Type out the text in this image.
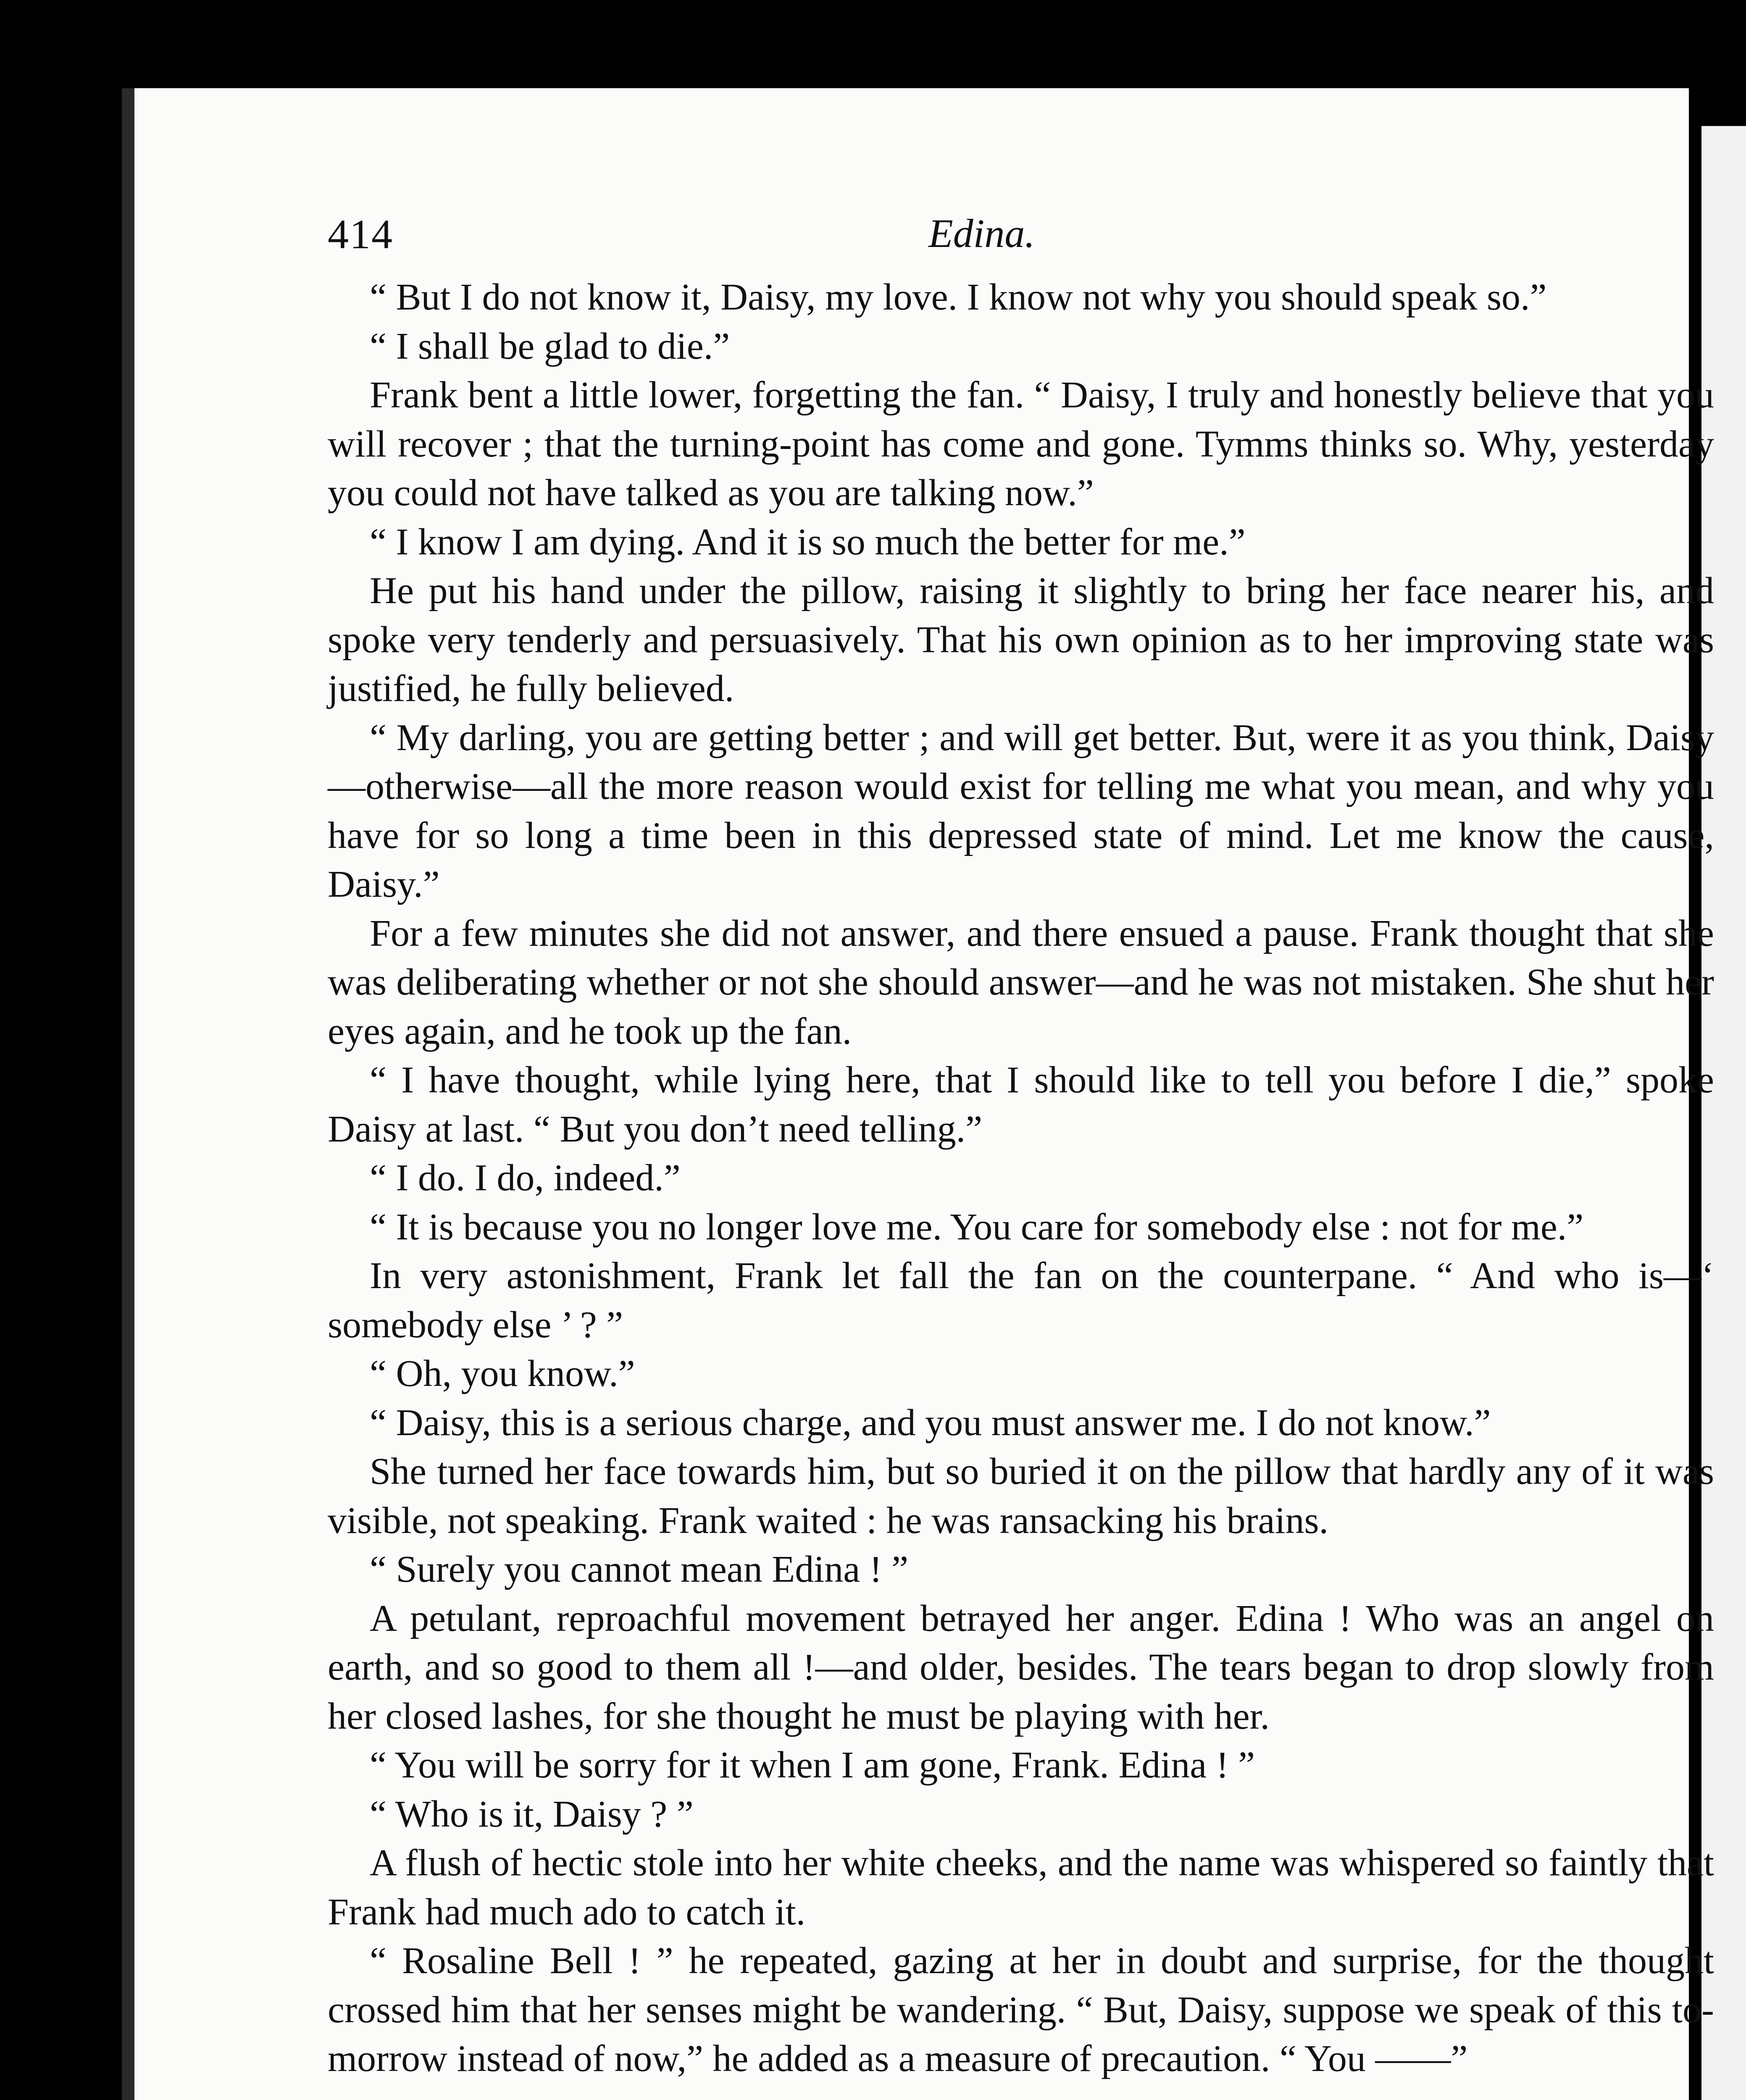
414	Edina.

“ But I do not know it, Daisy, my love. I know not why you should speak so.”

“ I shall be glad to die.”

Frank bent a little lower, forgetting the fan. “ Daisy, I truly and honestly believe that you will recover ; that the turning-point has come and gone. Tymms thinks so. Why, yesterday you could not have talked as you are talking now.”

“ I know I am dying. And it is so much the better for me.”

He put his hand under the pillow, raising it slightly to bring her face nearer his, and spoke very tenderly and persuasively. That his own opinion as to her improving state was justified, he fully believed.

“ My darling, you are getting better ; and will get better. But, were it as you think, Daisy—otherwise—all the more reason would exist for telling me what you mean, and why you have for so long a time been in this depressed state of mind. Let me know the cause, Daisy.”

For a few minutes she did not answer, and there ensued a pause. Frank thought that she was deliberating whether or not she should answer—and he was not mistaken. She shut her eyes again, and he took up the fan.

“ I have thought, while lying here, that I should like to tell you before I die,” spoke Daisy at last. “ But you don’t need telling.”

“ I do. I do, indeed.”

“ It is because you no longer love me. You care for somebody else : not for me.”

In very astonishment, Frank let fall the fan on the counterpane. “ And who is—‘ somebody else ’ ? ”

“ Oh, you know.”

“ Daisy, this is a serious charge, and you must answer me. I do not know.”

She turned her face towards him, but so buried it on the pillow that hardly any of it was visible, not speaking. Frank waited : he was ransacking his brains.

“ Surely you cannot mean Edina ! ”

A petulant, reproachful movement betrayed her anger. Edina ! Who was an angel on earth, and so good to them all !—and older, besides. The tears began to drop slowly from her closed lashes, for she thought he must be playing with her.

“ You will be sorry for it when I am gone, Frank. Edina ! ”

“ Who is it, Daisy ? ”

A flush of hectic stole into her white cheeks, and the name was whispered so faintly that Frank had much ado to catch it.

“ Rosaline Bell ! ” he repeated, gazing at her in doubt and surprise, for the thought crossed him that her senses might be wandering. “ But, Daisy, suppose we speak of this to-morrow instead of now,” he added as a measure of precaution. “ You ——”
